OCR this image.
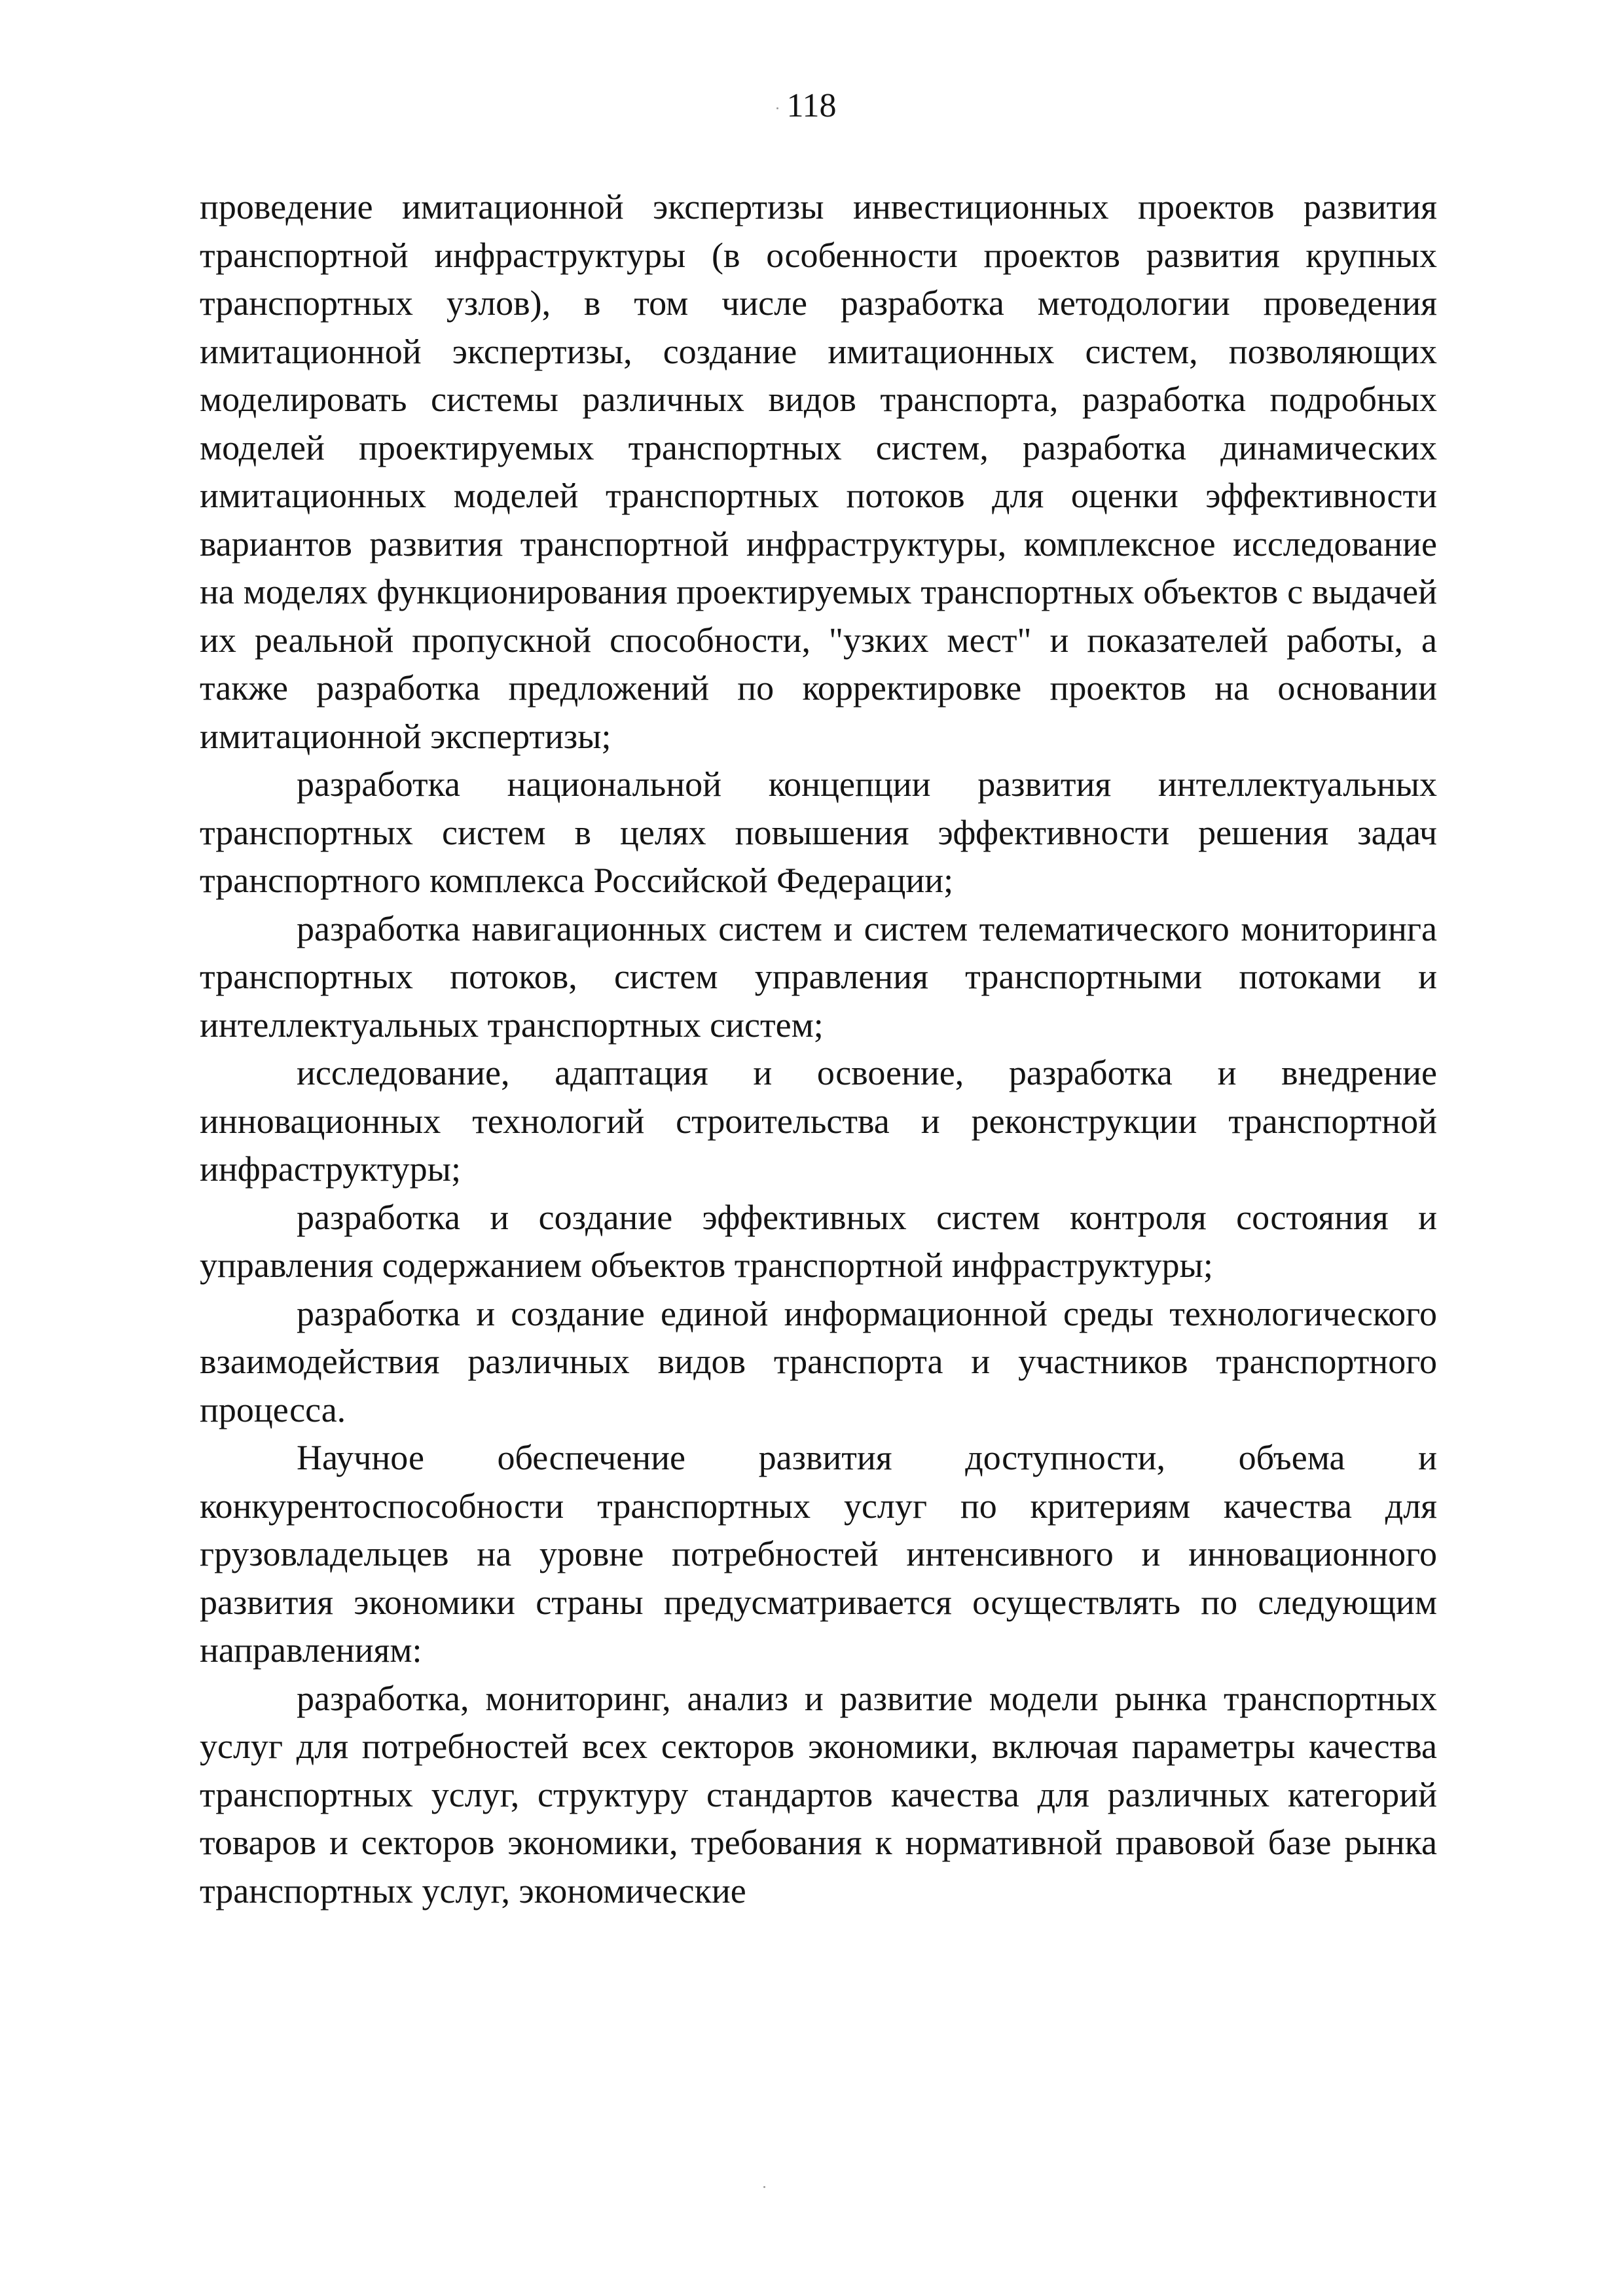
118

проведение имитационной экспертизы инвестиционных проектов развития транспортной инфраструктуры (в особенности проектов развития крупных транспортных узлов), в том числе разработка методологии проведения имитационной экспертизы, создание имитационных систем, позволяющих моделировать системы различных видов транспорта, разработка подробных моделей проектируемых транспортных систем, разработка динамических имитационных моделей транспортных потоков для оценки эффективности вариантов развития транспортной инфраструктуры, комплексное исследование на моделях функционирования проектируемых транспортных объектов с выдачей их реальной пропускной способности, "узких мест" и показателей работы, а также разработка предложений по корректировке проектов на основании имитационной экспертизы;

разработка национальной концепции развития интеллектуальных транспортных систем в целях повышения эффективности решения задач транспортного комплекса Российской Федерации;

разработка навигационных систем и систем телематического мониторинга транспортных потоков, систем управления транспортными потоками и интеллектуальных транспортных систем;

исследование, адаптация и освоение, разработка и внедрение инновационных технологий строительства и реконструкции транспортной инфраструктуры;

разработка и создание эффективных систем контроля состояния и управления содержанием объектов транспортной инфраструктуры;

разработка и создание единой информационной среды технологического взаимодействия различных видов транспорта и участников транспортного процесса.

Научное обеспечение развития доступности, объема и конкурентоспособности транспортных услуг по критериям качества для грузовладельцев на уровне потребностей интенсивного и инновационного развития экономики страны предусматривается осуществлять по следующим направлениям:

разработка, мониторинг, анализ и развитие модели рынка транспортных услуг для потребностей всех секторов экономики, включая параметры качества транспортных услуг, структуру стандартов качества для различных категорий товаров и секторов экономики, требования к нормативной правовой базе рынка транспортных услуг, экономические
